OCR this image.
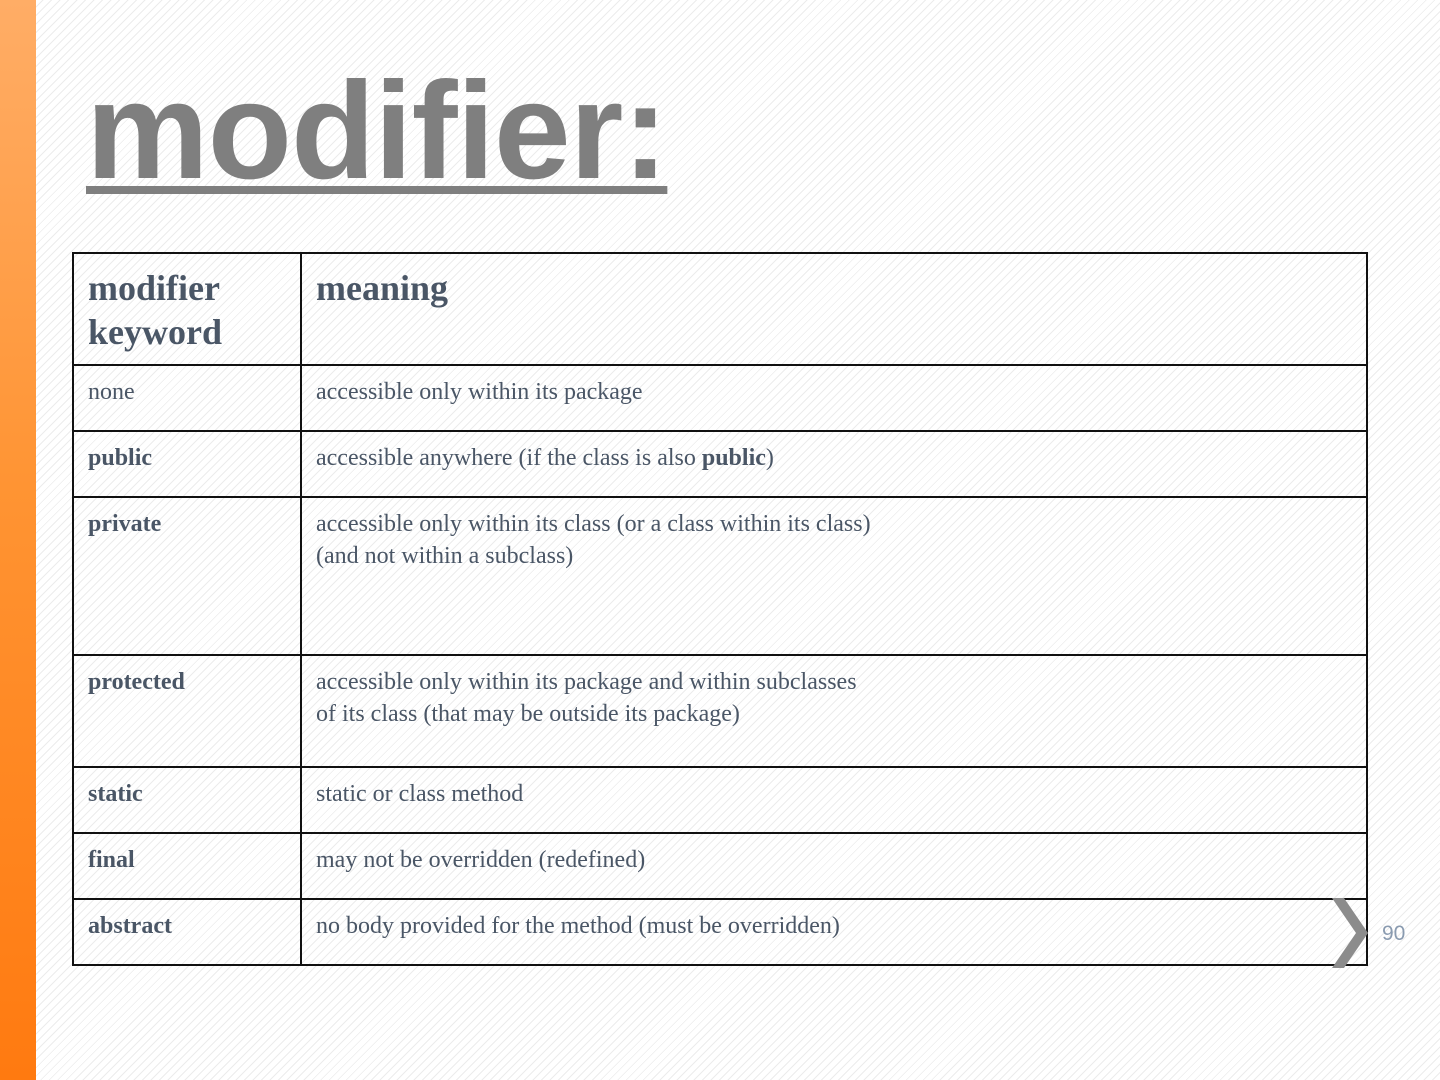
modifier:
modifier
keyword	meaning
none	accessible only within its package

public	accessible anywhere (if the class is also public)
private	accessible only within its class (or a class within its class)
(and not within a subclass)

protected	accessible only within its package and within subclasses
of its class (that may be outside its package)

static	static or class method

final	may not be overridden (redefined)

abstract	no body provided for the method (must be overridden)	90
